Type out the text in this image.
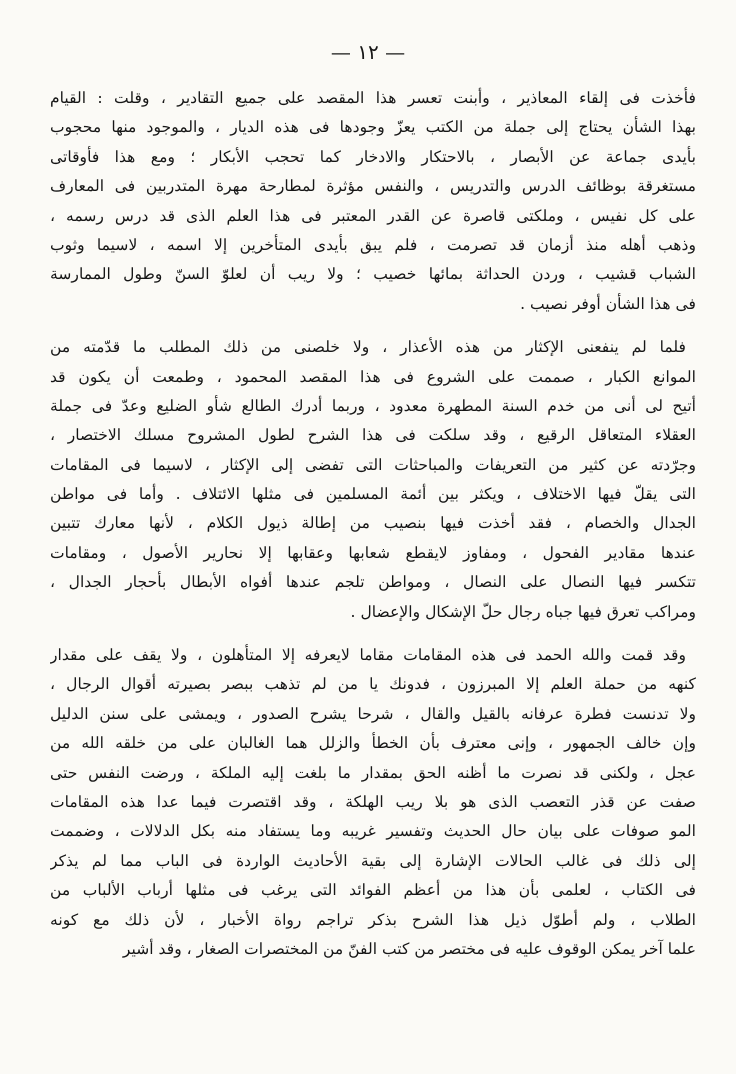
— ١٢ —
فأخذت فى إلقاء المعاذير ، وأبنت تعسر هذا المقصد على جميع التقادير ، وقلت : القيام
بهذا الشأن يحتاج إلى جملة من الكتب يعزّ وجودها فى هذه الديار ، والموجود منها محجوب
بأيدى جماعة عن الأبصار ، بالاحتكار والادخار كما تحجب الأبكار ؛ ومع هذا فأوقاتى
مستغرقة بوظائف الدرس والتدريس ، والنفس مؤثرة لمطارحة مهرة المتدربين فى المعارف
على كل نفيس ، وملكتى قاصرة عن القدر المعتبر فى هذا العلم الذى قد درس رسمه ،
وذهب أهله منذ أزمان قد تصرمت ، فلم يبق بأيدى المتأخرين إلا اسمه ، لاسيما وثوب
الشباب قشيب ، وردن الحداثة بمائها خصيب ؛ ولا ريب أن لعلوّ السنّ وطول الممارسة
فى هذا الشأن أوفر نصيب .
فلما لم ينفعنى الإكثار من هذه الأعذار ، ولا خلصنى من ذلك المطلب ما قدّمته من
الموانع الكبار ، صممت على الشروع فى هذا المقصد المحمود ، وطمعت أن يكون قد
أتيح لى أنى من خدم السنة المطهرة معدود ، وربما أدرك الطالع شأو الضليع وعدّ فى جملة
العقلاء المتعاقل الرقيع ، وقد سلكت فى هذا الشرح لطول المشروح مسلك الاختصار ،
وجرّدته عن كثير من التعريفات والمباحثات التى تفضى إلى الإكثار ، لاسيما فى المقامات
التى يقلّ فيها الاختلاف ، ويكثر بين أئمة المسلمين فى مثلها الائتلاف . وأما فى مواطن
الجدال والخصام ، فقد أخذت فيها بنصيب من إطالة ذيول الكلام ، لأنها معارك تتبين
عندها مقادير الفحول ، ومفاوز لايقطع شعابها وعقابها إلا نحارير الأصول ، ومقامات
تتكسر فيها النصال على النصال ، ومواطن تلجم عندها أفواه الأبطال بأحجار الجدال ،
ومراكب تعرق فيها جباه رجال حلّ الإشكال والإعضال .
وقد قمت والله الحمد فى هذه المقامات مقاما لايعرفه إلا المتأهلون ، ولا يقف على مقدار
كنهه من حملة العلم إلا المبرزون ، فدونك يا من لم تذهب ببصر بصيرته أقوال الرجال ،
ولا تدنست فطرة عرفانه بالقيل والقال ، شرحا يشرح الصدور ، ويمشى على سنن الدليل
وإن خالف الجمهور ، وإنى معترف بأن الخطأ والزلل هما الغالبان على من خلقه الله من
عجل ، ولكنى قد نصرت ما أظنه الحق بمقدار ما بلغت إليه الملكة ، ورضت النفس حتى
صفت عن قذر التعصب الذى هو بلا ريب الهلكة ، وقد اقتصرت فيما عدا هذه المقامات
المو صوفات على بيان حال الحديث وتفسير غريبه وما يستفاد منه بكل الدلالات ، وضممت
إلى ذلك فى غالب الحالات الإشارة إلى بقية الأحاديث الواردة فى الباب مما لم يذكر
فى الكتاب ، لعلمى بأن هذا من أعظم الفوائد التى يرغب فى مثلها أرباب الألباب من
الطلاب ، ولم أطوّل ذيل هذا الشرح بذكر تراجم رواة الأخبار ، لأن ذلك مع كونه
علما آخر يمكن الوقوف عليه فى مختصر من كتب الفنّ من المختصرات الصغار ، وقد أشير
